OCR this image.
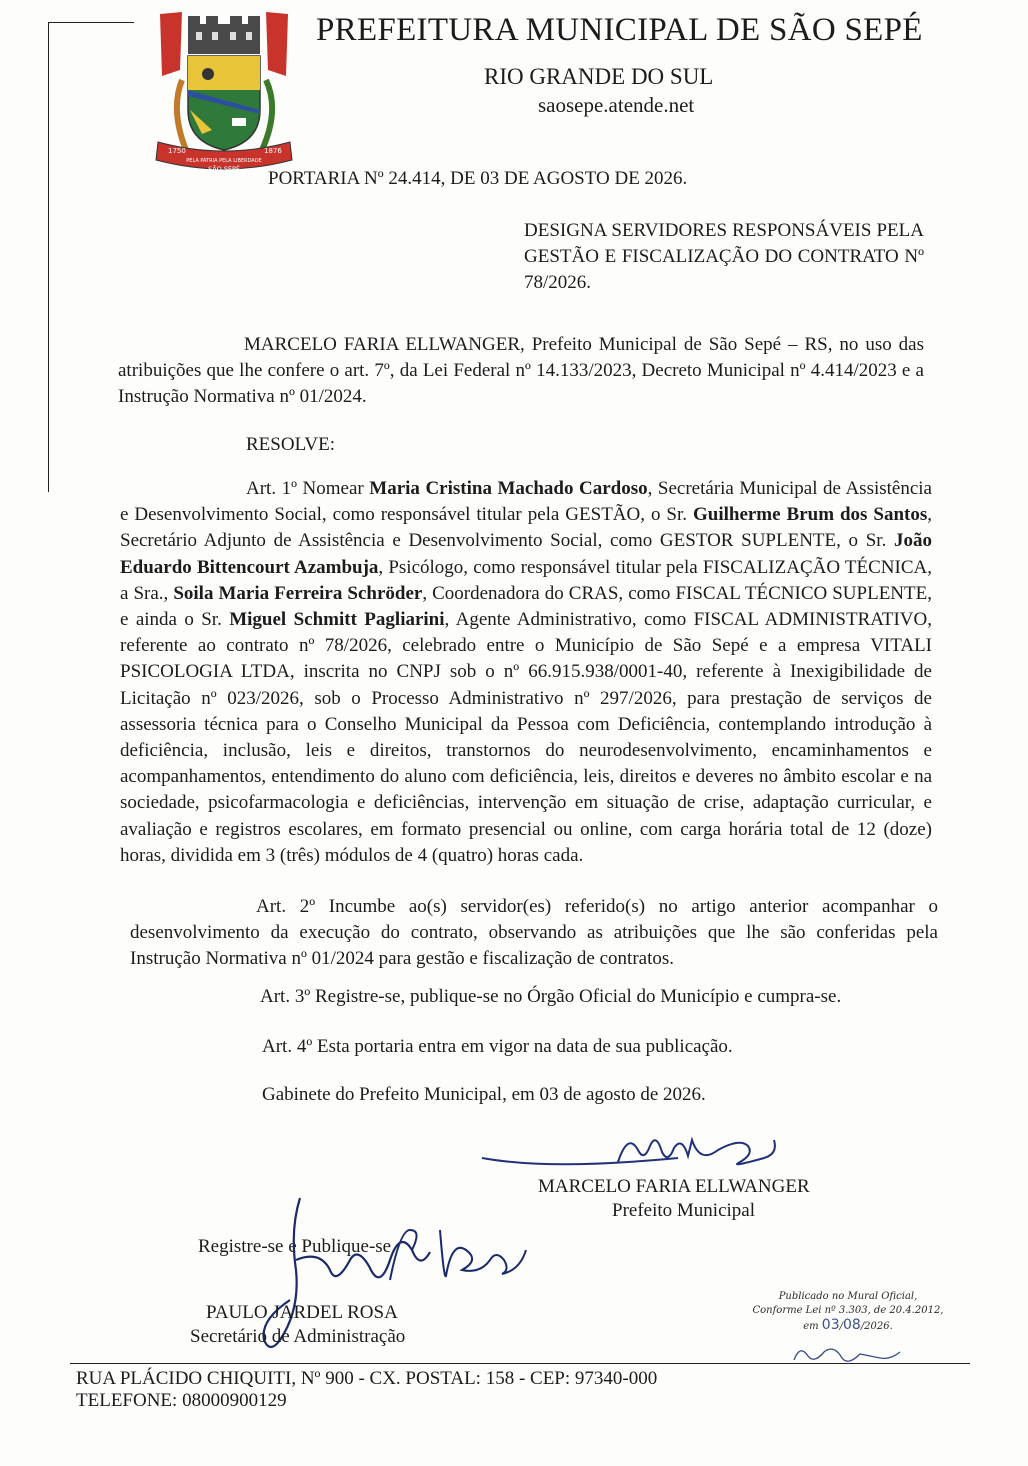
1750	1876
PELA PÁTRIA PELA LIBERDADE
SÃO SEPÉ
PREFEITURA MUNICIPAL DE SÃO SEPÉ
RIO GRANDE DO SUL
saosepe.atende.net
PORTARIA Nº 24.414, DE 03 DE AGOSTO DE 2026.
DESIGNA SERVIDORES RESPONSÁVEIS PELA GESTÃO E FISCALIZAÇÃO DO CONTRATO Nº 78/2026.
MARCELO FARIA ELLWANGER, Prefeito Municipal de São Sepé – RS, no uso das atribuições que lhe confere o art. 7º, da Lei Federal nº 14.133/2023, Decreto Municipal nº 4.414/2023 e a Instrução Normativa nº 01/2024.
RESOLVE:
Art. 1º Nomear Maria Cristina Machado Cardoso, Secretária Municipal de Assistência e Desenvolvimento Social, como responsável titular pela GESTÃO, o Sr. Guilherme Brum dos Santos, Secretário Adjunto de Assistência e Desenvolvimento Social, como GESTOR SUPLENTE, o Sr. João Eduardo Bittencourt Azambuja, Psicólogo, como responsável titular pela FISCALIZAÇÃO TÉCNICA, a Sra., Soila Maria Ferreira Schröder, Coordenadora do CRAS, como FISCAL TÉCNICO SUPLENTE, e ainda o Sr. Miguel Schmitt Pagliarini, Agente Administrativo, como FISCAL ADMINISTRATIVO, referente ao contrato nº 78/2026, celebrado entre o Município de São Sepé e a empresa VITALI PSICOLOGIA LTDA, inscrita no CNPJ sob o nº 66.915.938/0001-40, referente à Inexigibilidade de Licitação nº 023/2026, sob o Processo Administrativo nº 297/2026, para prestação de serviços de assessoria técnica para o Conselho Municipal da Pessoa com Deficiência, contemplando introdução à deficiência, inclusão, leis e direitos, transtornos do neurodesenvolvimento, encaminhamentos e acompanhamentos, entendimento do aluno com deficiência, leis, direitos e deveres no âmbito escolar e na sociedade, psicofarmacologia e deficiências, intervenção em situação de crise, adaptação curricular, e avaliação e registros escolares, em formato presencial ou online, com carga horária total de 12 (doze) horas, dividida em 3 (três) módulos de 4 (quatro) horas cada.
Art. 2º Incumbe ao(s) servidor(es) referido(s) no artigo anterior acompanhar o desenvolvimento da execução do contrato, observando as atribuições que lhe são conferidas pela Instrução Normativa nº 01/2024 para gestão e fiscalização de contratos.
Art. 3º Registre-se, publique-se no Órgão Oficial do Município e cumpra-se.
Art. 4º Esta portaria entra em vigor na data de sua publicação.
Gabinete do Prefeito Municipal, em 03 de agosto de 2026.
MARCELO FARIA ELLWANGER
Prefeito Municipal
Registre-se e Publique-se.
PAULO JARDEL ROSA
Secretário de Administração
Publicado no Mural Oficial,
Conforme Lei nº 3.303, de 20.4.2012,
em 03/08/2026.
RUA PLÁCIDO CHIQUITI, Nº 900 - CX. POSTAL: 158 - CEP: 97340-000
TELEFONE: 08000900129
